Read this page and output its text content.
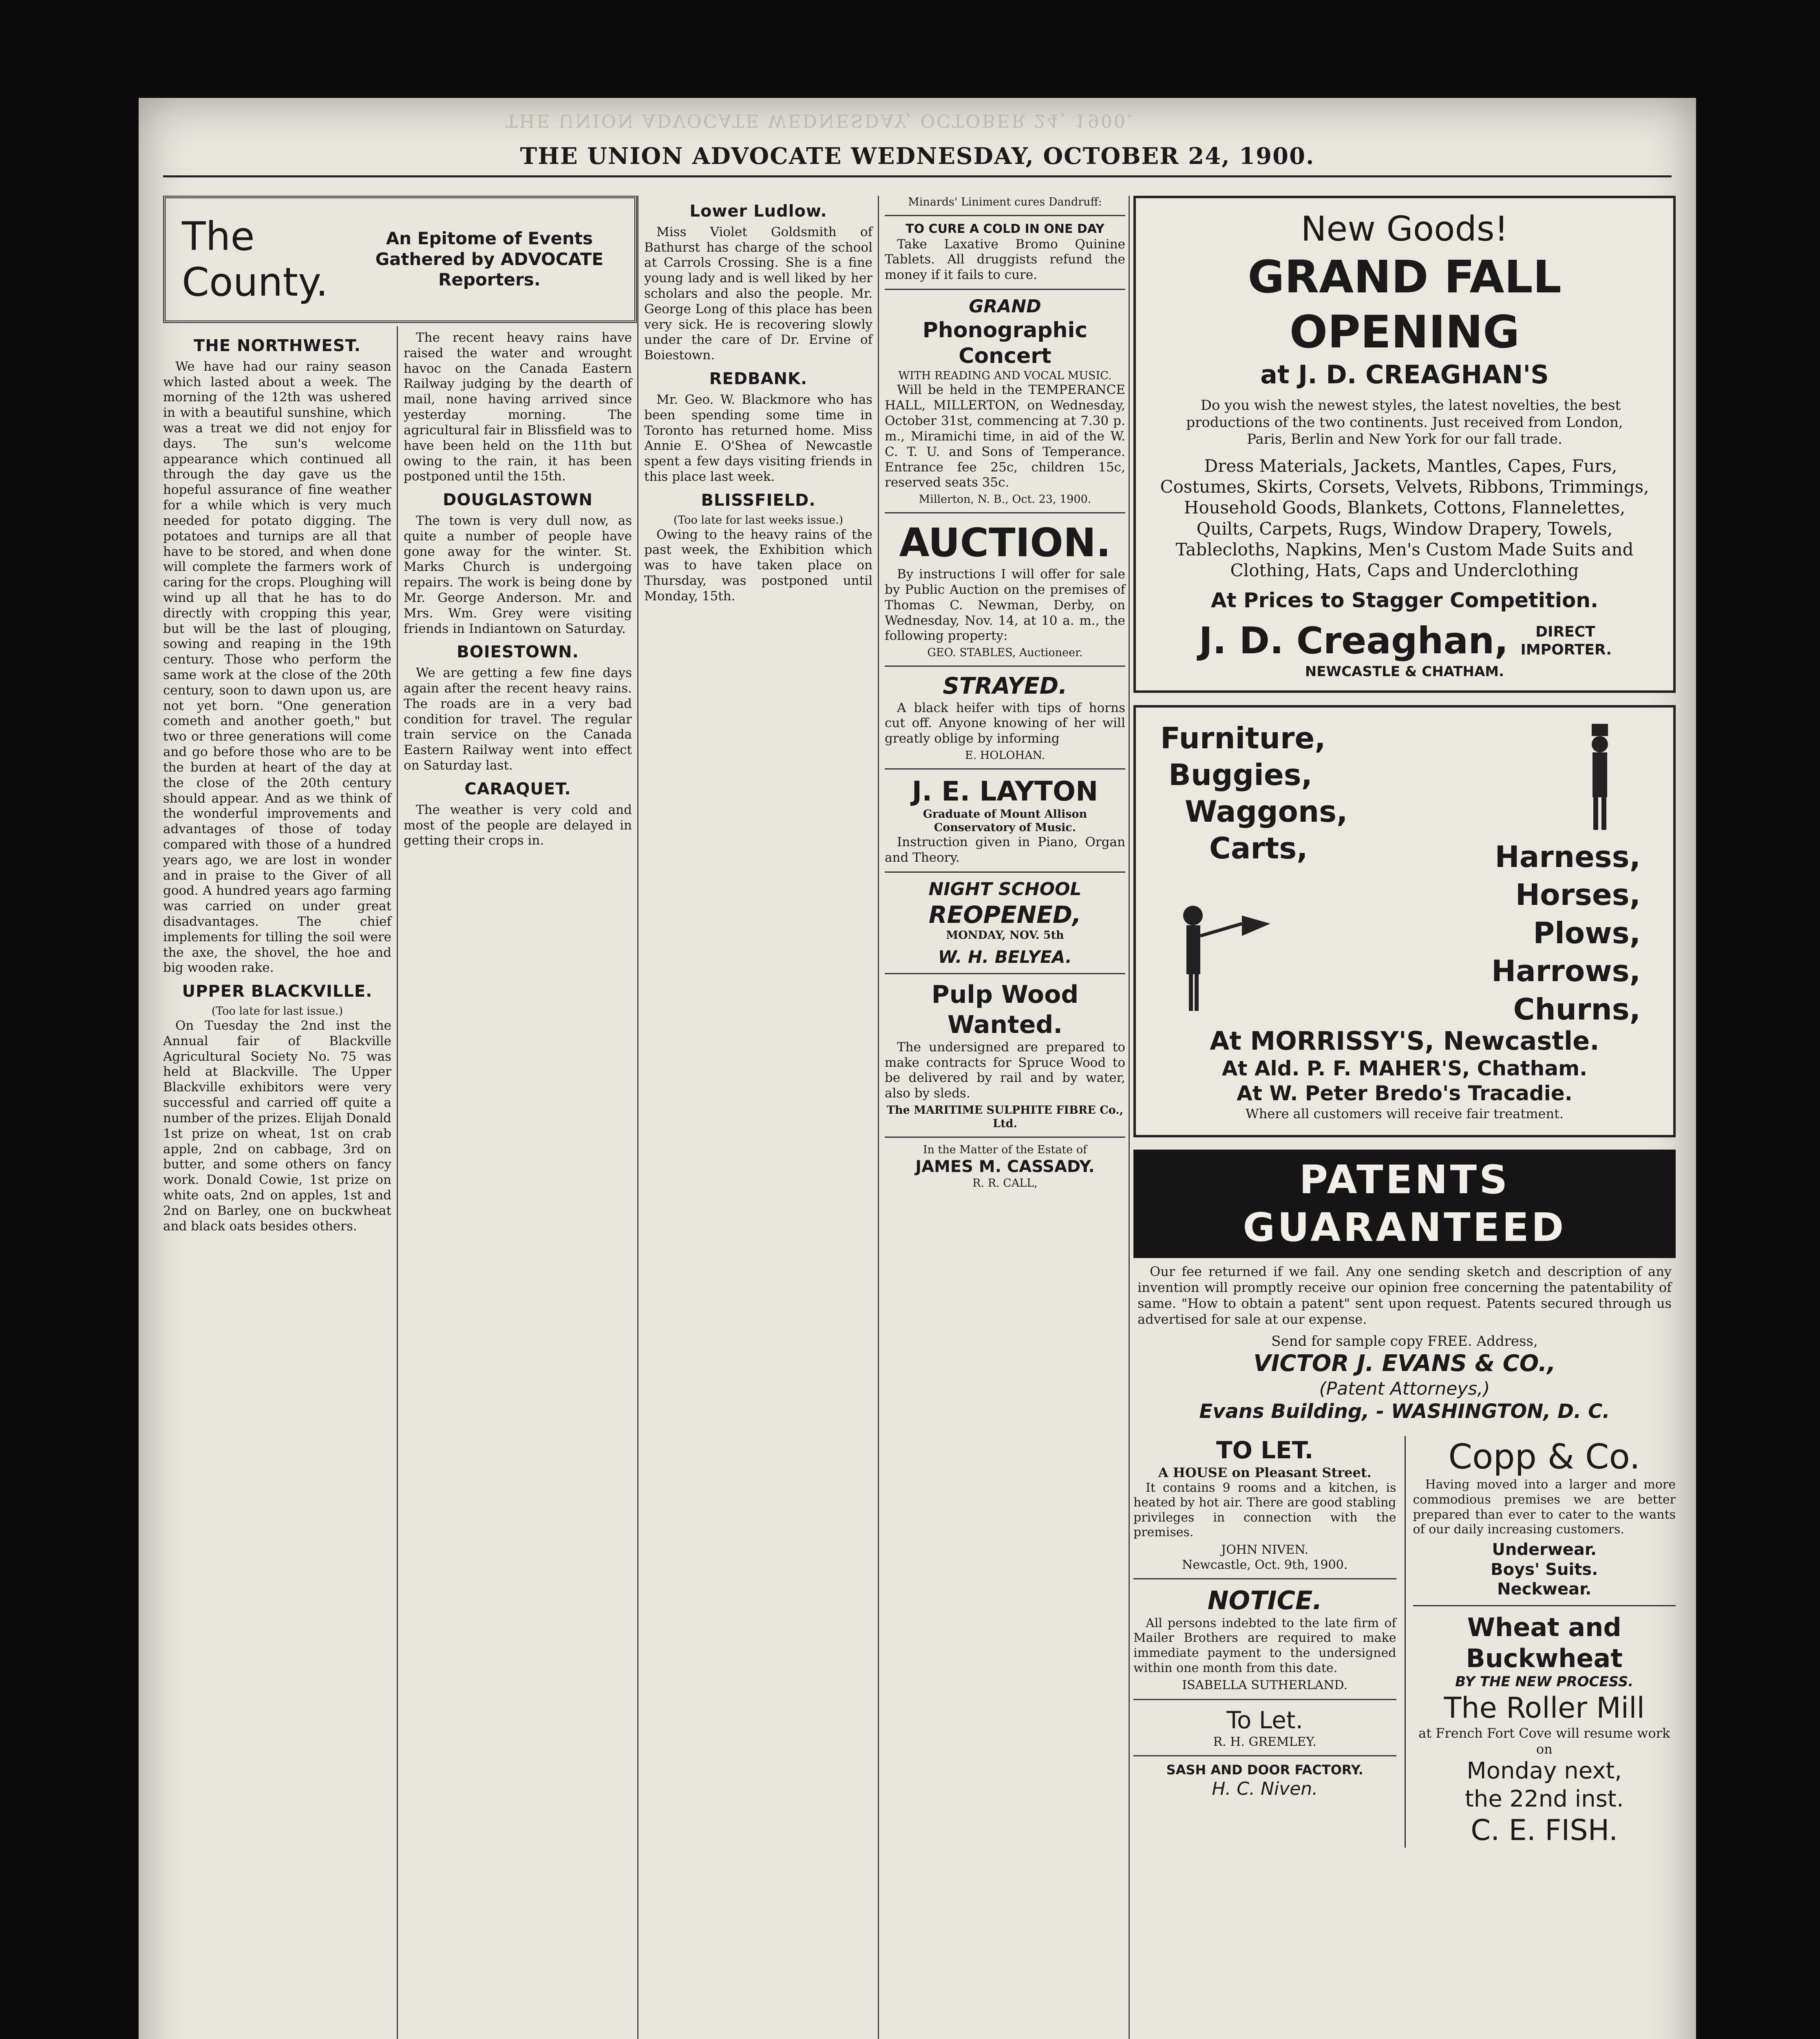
THE UNION ADVOCATE WEDNESDAY, OCTOBER 24, 1900.
THE UNION ADVOCATE WEDNESDAY, OCTOBER 24, 1900.
The County.
An Epitome of Events Gathered by ADVOCATE Reporters.
THE NORTHWEST.

We have had our rainy season which lasted about a week. The morning of the 12th was ushered in with a beautiful sunshine, which was a treat we did not enjoy for days. The sun's welcome appearance which continued all through the day gave us the hopeful assurance of fine weather for a while which is very much needed for potato digging. The potatoes and turnips are all that have to be stored, and when done will complete the farmers work of caring for the crops. Ploughing will wind up all that he has to do directly with cropping this year, but will be the last of plouging, sowing and reaping in the 19th century. Those who perform the same work at the close of the 20th century, soon to dawn upon us, are not yet born. "One generation cometh and another goeth," but two or three generations will come and go before those who are to be the burden at heart of the day at the close of the 20th century should appear. And as we think of the wonderful improvements and advantages of those of today compared with those of a hundred years ago, we are lost in wonder and in praise to the Giver of all good. A hundred years ago farming was carried on under great disadvantages. The chief implements for tilling the soil were the axe, the shovel, the hoe and big wooden rake.

UPPER BLACKVILLE.
(Too late for last issue.)

On Tuesday the 2nd inst the Annual fair of Blackville Agricultural Society No. 75 was held at Blackville. The Upper Blackville exhibitors were very successful and carried off quite a number of the prizes. Elijah Donald 1st prize on wheat, 1st on crab apple, 2nd on cabbage, 3rd on butter, and some others on fancy work. Donald Cowie, 1st prize on white oats, 2nd on apples, 1st and 2nd on Barley, one on buckwheat and black oats besides others.

The recent heavy rains have raised the water and wrought havoc on the Canada Eastern Railway judging by the dearth of mail, none having arrived since yesterday morning. The agricultural fair in Blissfield was to have been held on the 11th but owing to the rain, it has been postponed until the 15th.

DOUGLASTOWN

The town is very dull now, as quite a number of people have gone away for the winter. St. Marks Church is undergoing repairs. The work is being done by Mr. George Anderson. Mr. and Mrs. Wm. Grey were visiting friends in Indiantown on Saturday.

BOIESTOWN.

We are getting a few fine days again after the recent heavy rains. The roads are in a very bad condition for travel. The regular train service on the Canada Eastern Railway went into effect on Saturday last.

CARAQUET.

The weather is very cold and most of the people are delayed in getting their crops in.

Lower Ludlow.

Miss Violet Goldsmith of Bathurst has charge of the school at Carrols Crossing. She is a fine young lady and is well liked by her scholars and also the people. Mr. George Long of this place has been very sick. He is recovering slowly under the care of Dr. Ervine of Boiestown.

REDBANK.

Mr. Geo. W. Blackmore who has been spending some time in Toronto has returned home. Miss Annie E. O'Shea of Newcastle spent a few days visiting friends in this place last week.

BLISSFIELD.
(Too late for last weeks issue.)

Owing to the heavy rains of the past week, the Exhibition which was to have taken place on Thursday, was postponed until Monday, 15th.

Minards' Liniment cures Dandruff:
TO CURE A COLD IN ONE DAY

Take Laxative Bromo Quinine Tablets. All druggists refund the money if it fails to cure.

GRAND
Phonographic Concert
WITH READING AND VOCAL MUSIC.

Will be held in the TEMPERANCE HALL, MILLERTON, on Wednesday, October 31st, commencing at 7.30 p. m., Miramichi time, in aid of the W. C. T. U. and Sons of Temperance. Entrance fee 25c, children 15c, reserved seats 35c.

Millerton, N. B., Oct. 23, 1900.
AUCTION.

By instructions I will offer for sale by Public Auction on the premises of Thomas C. Newman, Derby, on Wednesday, Nov. 14, at 10 a. m., the following property:

GEO. STABLES, Auctioneer.
STRAYED.

A black heifer with tips of horns cut off. Anyone knowing of her will greatly oblige by informing

E. HOLOHAN.
J. E. LAYTON
Graduate of Mount Allison Conservatory of Music.

Instruction given in Piano, Organ and Theory.

NIGHT SCHOOL
REOPENED,
MONDAY, NOV. 5th
W. H. BELYEA.
Pulp Wood Wanted.

The undersigned are prepared to make contracts for Spruce Wood to be delivered by rail and by water, also by sleds.

The MARITIME SULPHITE FIBRE Co., Ltd.
In the Matter of the Estate of
JAMES M. CASSADY.
R. R. CALL,
New Goods!
GRAND FALL OPENING
at J. D. CREAGHAN'S

Do you wish the newest styles, the latest novelties, the best productions of the two continents. Just received from London, Paris, Berlin and New York for our fall trade.

Dress Materials, Jackets, Mantles, Capes, Furs, Costumes, Skirts, Corsets, Velvets, Ribbons, Trimmings, Household Goods, Blankets, Cottons, Flannelettes, Quilts, Carpets, Rugs, Window Drapery, Towels, Tablecloths, Napkins, Men's Custom Made Suits and Clothing, Hats, Caps and Underclothing

At Prices to Stagger Competition.
J. D. Creaghan,	DIRECT IMPORTER.
NEWCASTLE & CHATHAM.
Furniture,
Buggies,
Waggons,
Carts,	Harness,
Horses,
Plows,
Harrows,
Churns,
At MORRISSY'S, Newcastle.
At Ald. P. F. MAHER'S, Chatham.
At W. Peter Bredo's Tracadie.
Where all customers will receive fair treatment.
PATENTS GUARANTEED

Our fee returned if we fail. Any one sending sketch and description of any invention will promptly receive our opinion free concerning the patentability of same. "How to obtain a patent" sent upon request. Patents secured through us advertised for sale at our expense.

Send for sample copy FREE. Address,
VICTOR J. EVANS & CO.,
(Patent Attorneys,)
Evans Building, - WASHINGTON, D. C.
TO LET.
A HOUSE on Pleasant Street.

It contains 9 rooms and a kitchen, is heated by hot air. There are good stabling privileges in connection with the premises.

JOHN NIVEN.
Newcastle, Oct. 9th, 1900.
NOTICE.

All persons indebted to the late firm of Mailer Brothers are required to make immediate payment to the undersigned within one month from this date.

ISABELLA SUTHERLAND.
To Let.
R. H. GREMLEY.
SASH AND DOOR FACTORY.
H. C. Niven.
Copp & Co.

Having moved into a larger and more commodious premises we are better prepared than ever to cater to the wants of our daily increasing customers.

Underwear.
Boys' Suits.
Neckwear.
Wheat and Buckwheat
BY THE NEW PROCESS.
The Roller Mill
at French Fort Cove will resume work on
Monday next,
the 22nd inst.
C. E. FISH.
